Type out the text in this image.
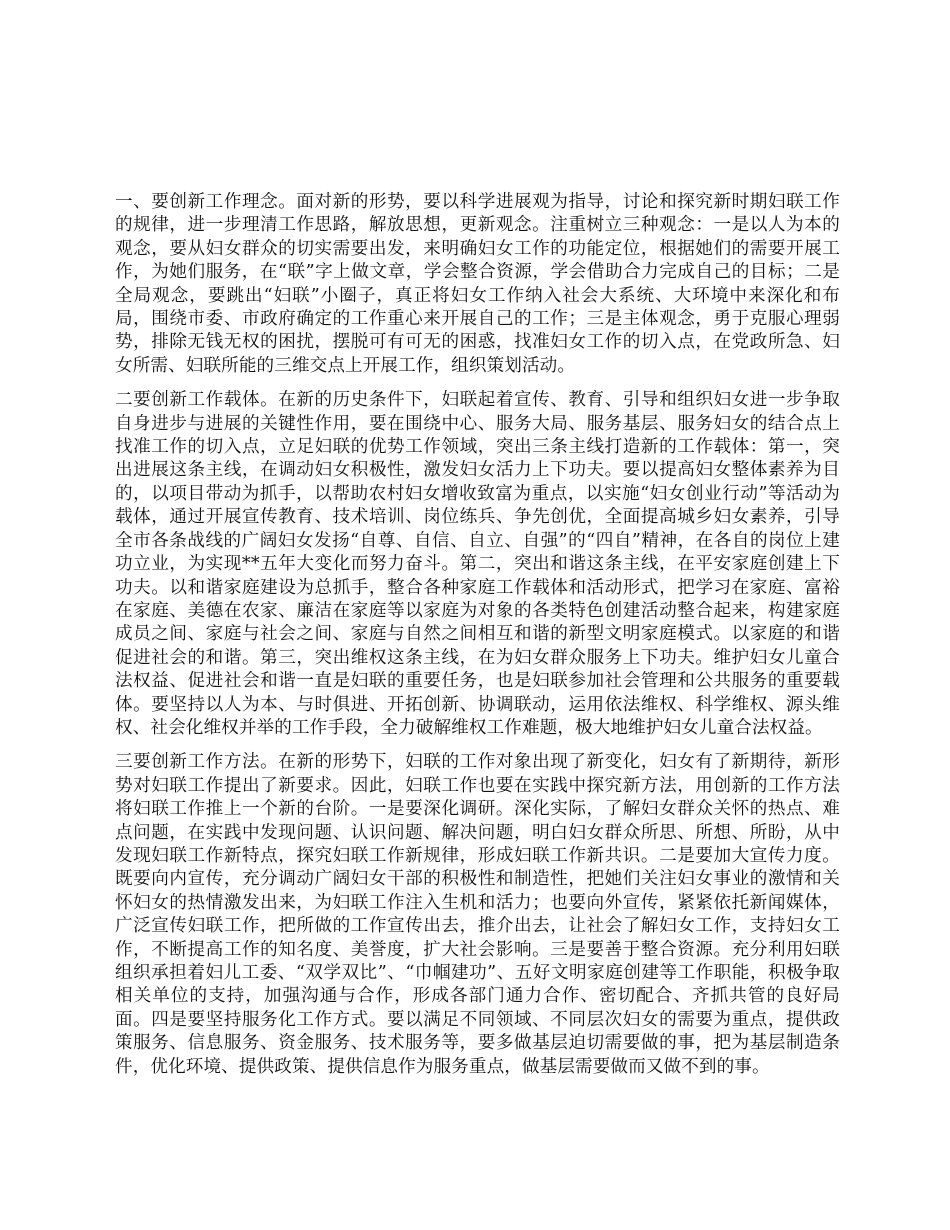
一、要创新工作理念。面对新的形势，要以科学进展观为指导，讨论和探究新时期妇联工作的规律，进一步理清工作思路，解放思想，更新观念。注重树立三种观念：一是以人为本的观念，要从妇女群众的切实需要出发，来明确妇女工作的功能定位，根据她们的需要开展工作，为她们服务，在“联”字上做文章，学会整合资源，学会借助合力完成自己的目标；二是全局观念，要跳出“妇联”小圈子，真正将妇女工作纳入社会大系统、大环境中来深化和布局，围绕市委、市政府确定的工作重心来开展自己的工作；三是主体观念，勇于克服心理弱势，排除无钱无权的困扰，摆脱可有可无的困惑，找准妇女工作的切入点，在党政所急、妇女所需、妇联所能的三维交点上开展工作，组织策划活动。

二要创新工作载体。在新的历史条件下，妇联起着宣传、教育、引导和组织妇女进一步争取自身进步与进展的关键性作用，要在围绕中心、服务大局、服务基层、服务妇女的结合点上找准工作的切入点，立足妇联的优势工作领域，突出三条主线打造新的工作载体：第一，突出进展这条主线，在调动妇女积极性，激发妇女活力上下功夫。要以提高妇女整体素养为目的，以项目带动为抓手，以帮助农村妇女增收致富为重点，以实施“妇女创业行动”等活动为载体，通过开展宣传教育、技术培训、岗位练兵、争先创优，全面提高城乡妇女素养，引导全市各条战线的广阔妇女发扬“自尊、自信、自立、自强”的“四自”精神，在各自的岗位上建功立业，为实现**五年大变化而努力奋斗。第二，突出和谐这条主线，在平安家庭创建上下功夫。以和谐家庭建设为总抓手，整合各种家庭工作载体和活动形式，把学习在家庭、富裕在家庭、美德在农家、廉洁在家庭等以家庭为对象的各类特色创建活动整合起来，构建家庭成员之间、家庭与社会之间、家庭与自然之间相互和谐的新型文明家庭模式。以家庭的和谐促进社会的和谐。第三，突出维权这条主线，在为妇女群众服务上下功夫。维护妇女儿童合法权益、促进社会和谐一直是妇联的重要任务，也是妇联参加社会管理和公共服务的重要载体。要坚持以人为本、与时俱进、开拓创新、协调联动，运用依法维权、科学维权、源头维权、社会化维权并举的工作手段，全力破解维权工作难题，极大地维护妇女儿童合法权益。

三要创新工作方法。在新的形势下，妇联的工作对象出现了新变化，妇女有了新期待，新形势对妇联工作提出了新要求。因此，妇联工作也要在实践中探究新方法，用创新的工作方法将妇联工作推上一个新的台阶。一是要深化调研。深化实际，了解妇女群众关怀的热点、难点问题，在实践中发现问题、认识问题、解决问题，明白妇女群众所思、所想、所盼，从中发现妇联工作新特点，探究妇联工作新规律，形成妇联工作新共识。二是要加大宣传力度。既要向内宣传，充分调动广阔妇女干部的积极性和制造性，把她们关注妇女事业的激情和关怀妇女的热情激发出来，为妇联工作注入生机和活力；也要向外宣传，紧紧依托新闻媒体，广泛宣传妇联工作，把所做的工作宣传出去，推介出去，让社会了解妇女工作，支持妇女工作，不断提高工作的知名度、美誉度，扩大社会影响。三是要善于整合资源。充分利用妇联组织承担着妇儿工委、“双学双比”、“巾帼建功”、五好文明家庭创建等工作职能，积极争取相关单位的支持，加强沟通与合作，形成各部门通力合作、密切配合、齐抓共管的良好局面。四是要坚持服务化工作方式。要以满足不同领域、不同层次妇女的需要为重点，提供政策服务、信息服务、资金服务、技术服务等，要多做基层迫切需要做的事，把为基层制造条件，优化环境、提供政策、提供信息作为服务重点，做基层需要做而又做不到的事。
